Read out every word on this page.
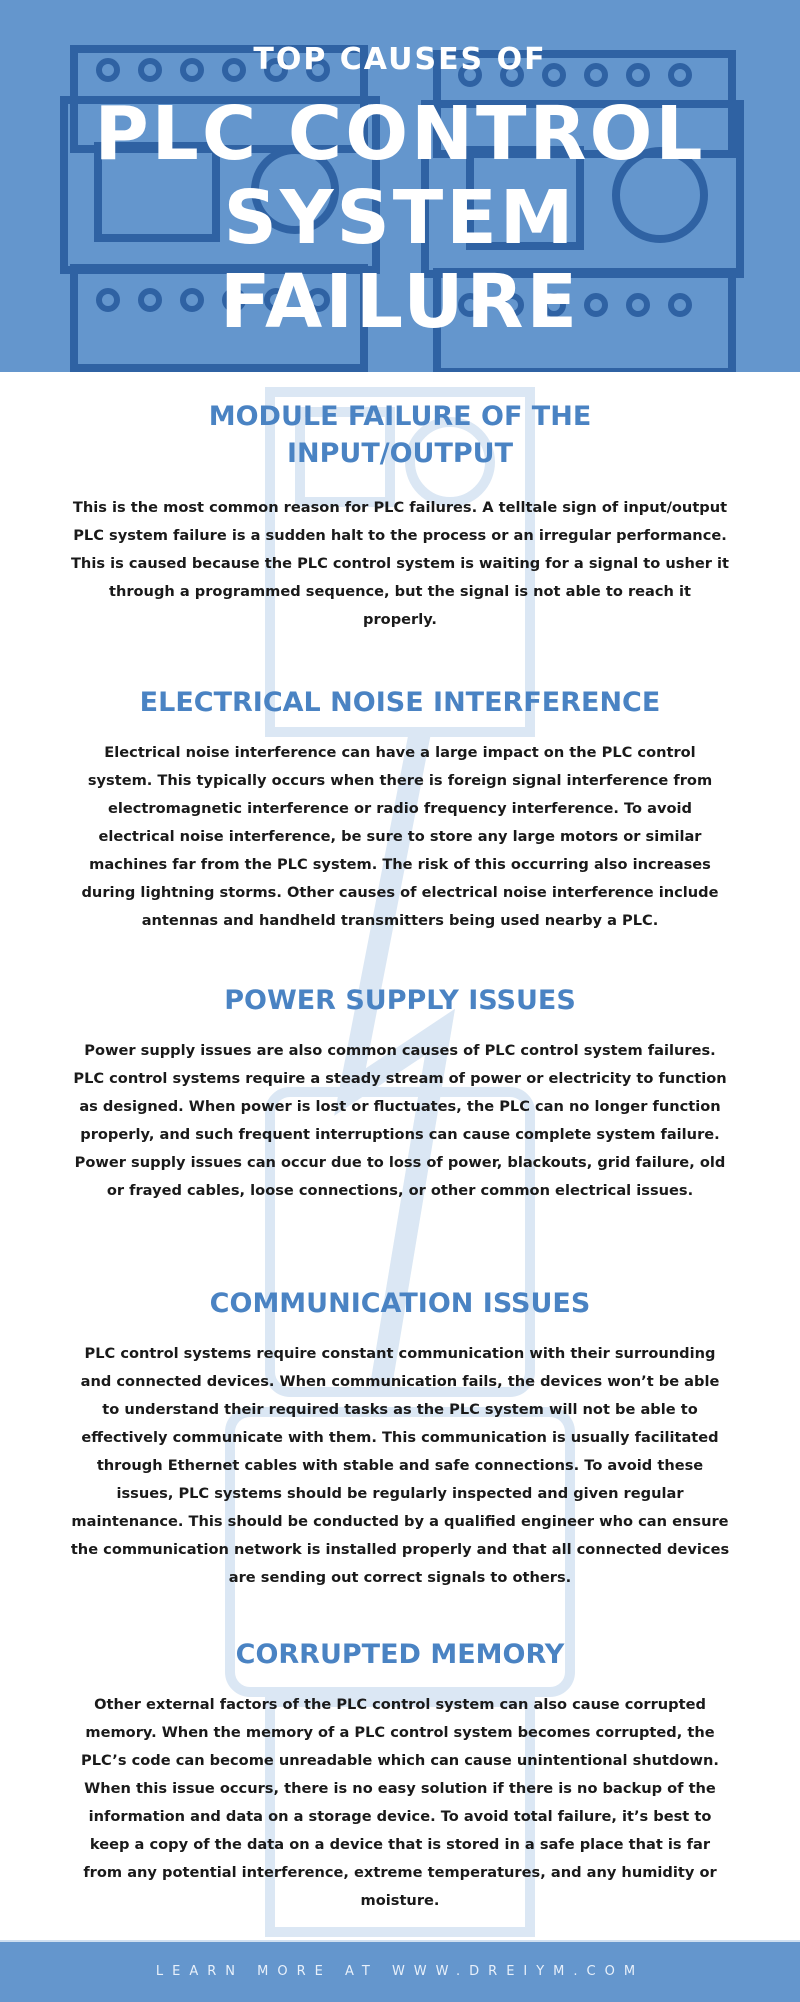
TOP CAUSES OF
PLC CONTROL
SYSTEM
FAILURE
MODULE FAILURE OF THE INPUT/OUTPUT

This is the most common reason for PLC failures. A telltale sign of input/output PLC system failure is a sudden halt to the process or an irregular performance. This is caused because the PLC control system is waiting for a signal to usher it through a programmed sequence, but the signal is not able to reach it properly.

ELECTRICAL NOISE INTERFERENCE

Electrical noise interference can have a large impact on the PLC control system. This typically occurs when there is foreign signal interference from electromagnetic interference or radio frequency interference. To avoid electrical noise interference, be sure to store any large motors or similar machines far from the PLC system. The risk of this occurring also increases during lightning storms. Other causes of electrical noise interference include antennas and handheld transmitters being used nearby a PLC.

POWER SUPPLY ISSUES

Power supply issues are also common causes of PLC control system failures. PLC control systems require a steady stream of power or electricity to function as designed. When power is lost or fluctuates, the PLC can no longer function properly, and such frequent interruptions can cause complete system failure. Power supply issues can occur due to loss of power, blackouts, grid failure, old or frayed cables, loose connections, or other common electrical issues.

COMMUNICATION ISSUES

PLC control systems require constant communication with their surrounding and connected devices. When communication fails, the devices won’t be able to understand their required tasks as the PLC system will not be able to effectively communicate with them. This communication is usually facilitated through Ethernet cables with stable and safe connections. To avoid these issues, PLC systems should be regularly inspected and given regular maintenance. This should be conducted by a qualified engineer who can ensure the communication network is installed properly and that all connected devices are sending out correct signals to others.

CORRUPTED MEMORY

Other external factors of the PLC control system can also cause corrupted memory. When the memory of a PLC control system becomes corrupted, the PLC’s code can become unreadable which can cause unintentional shutdown. When this issue occurs, there is no easy solution if there is no backup of the information and data on a storage device. To avoid total failure, it’s best to keep a copy of the data on a device that is stored in a safe place that is far from any potential interference, extreme temperatures, and any humidity or moisture.

LEARN MORE AT WWW.DREIYM.COM
